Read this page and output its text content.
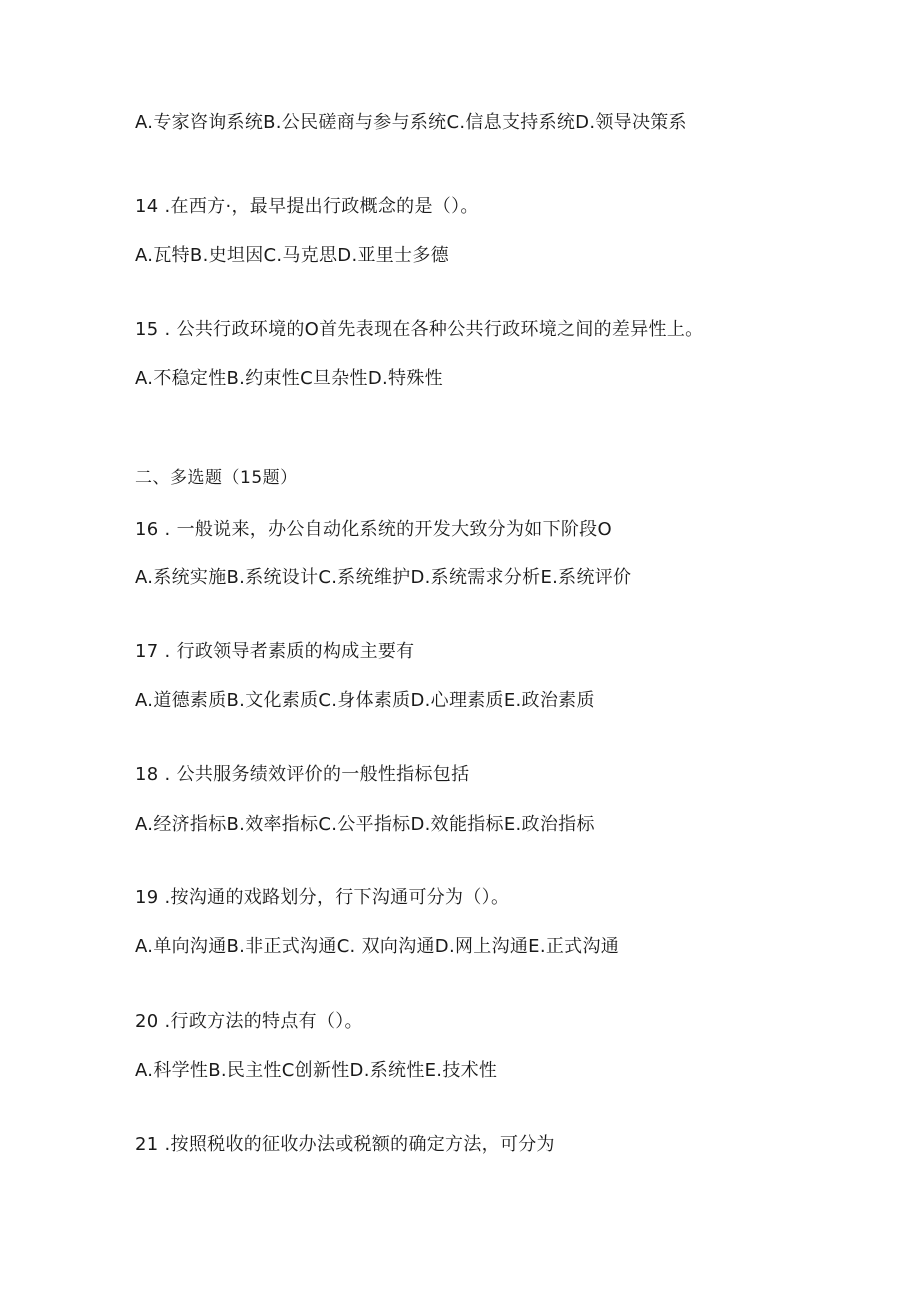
A.专家咨询系统B.公民磋商与参与系统C.信息支持系统D.领导决策系
14 .在西方·，最早提出行政概念的是（）。
A.瓦特B.史坦因C.马克思D.亚里士多德
15 . 公共行政环境的O首先表现在各种公共行政环境之间的差异性上。
A.不稳定性B.约束性C旦杂性D.特殊性
二、多选题（15题）
16 . 一般说来，办公自动化系统的开发大致分为如下阶段O
A.系统实施B.系统设计C.系统维护D.系统需求分析E.系统评价
17 . 行政领导者素质的构成主要有
A.道德素质B.文化素质C.身体素质D.心理素质E.政治素质
18 . 公共服务绩效评价的一般性指标包括
A.经济指标B.效率指标C.公平指标D.效能指标E.政治指标
19 .按沟通的戏路划分，行下沟通可分为（）。
A.单向沟通B.非正式沟通C. 双向沟通D.网上沟通E.正式沟通
20 .行政方法的特点有（）。
A.科学性B.民主性C创新性D.系统性E.技术性
21 .按照税收的征收办法或税额的确定方法，可分为
